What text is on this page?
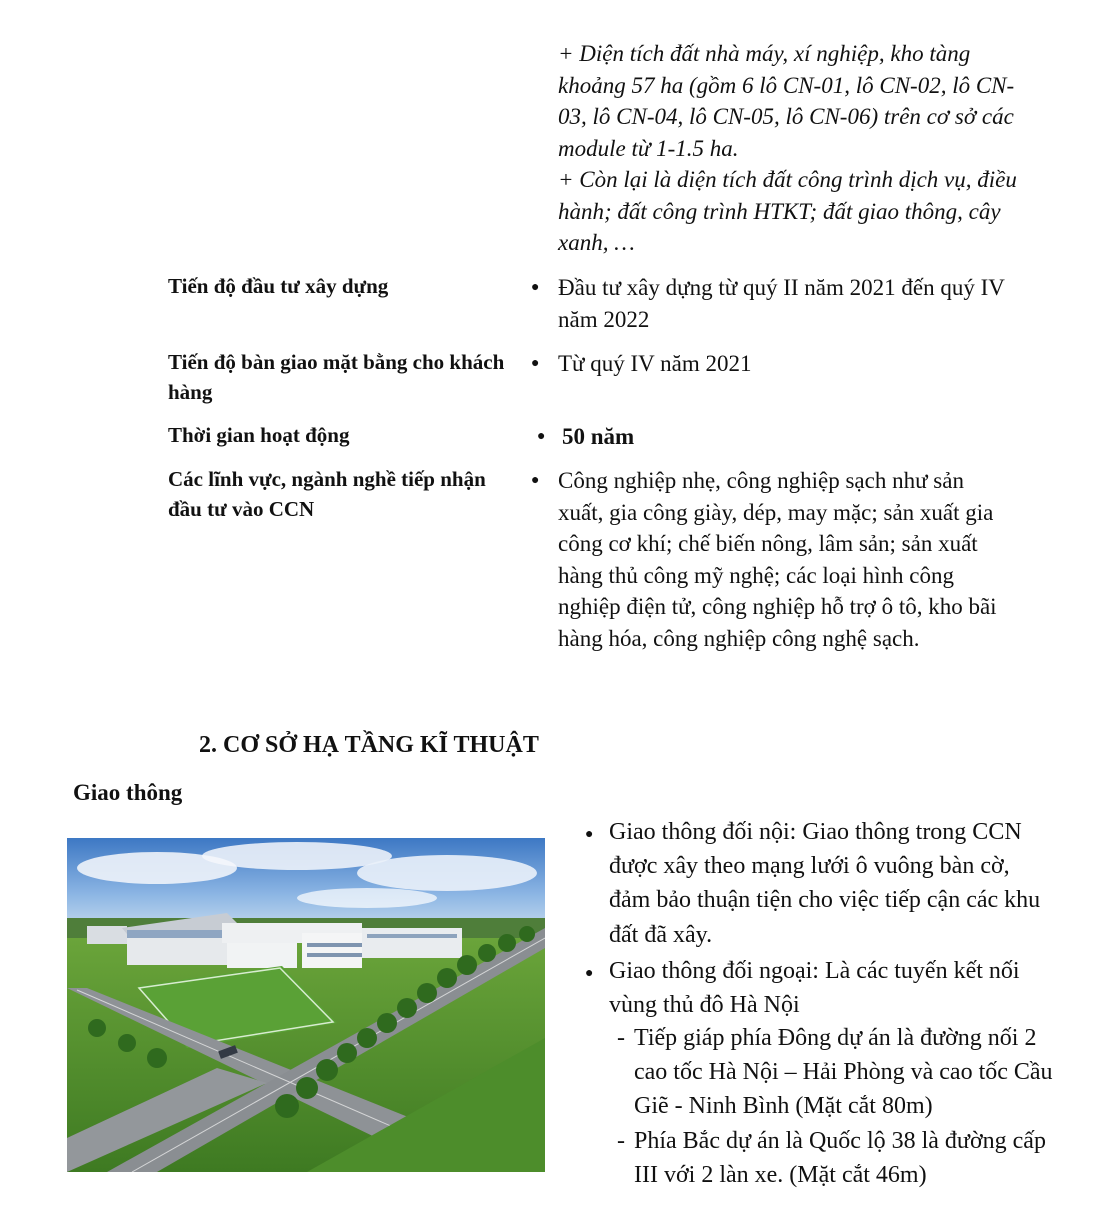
+ Diện tích đất nhà máy, xí nghiệp, kho tàng khoảng 57 ha (gồm 6 lô CN-01, lô CN-02, lô CN-03, lô CN-04, lô CN-05, lô CN-06) trên cơ sở các module từ 1-1.5 ha.
+ Còn lại là diện tích đất công trình dịch vụ, điều hành; đất công trình HTKT; đất giao thông, cây xanh, …
Tiến độ đầu tư xây dựng	● Đầu tư xây dựng từ quý II năm 2021 đến quý IV năm 2022
Tiến độ bàn giao mặt bằng cho khách hàng
● Từ quý IV năm 2021
Thời gian hoạt động	● 50 năm
Các lĩnh vực, ngành nghề tiếp nhận đầu tư vào CCN
● Công nghiệp nhẹ, công nghiệp sạch như sản xuất, gia công giày, dép, may mặc; sản xuất gia công cơ khí; chế biến nông, lâm sản; sản xuất hàng thủ công mỹ nghệ; các loại hình công nghiệp điện tử, công nghiệp hỗ trợ ô tô, kho bãi hàng hóa, công nghiệp công nghệ sạch.
2. CƠ SỞ HẠ TẦNG KĨ THUẬT
Giao thông
● Giao thông đối nội: Giao thông trong CCN được xây theo mạng lưới ô vuông bàn cờ, đảm bảo thuận tiện cho việc tiếp cận các khu đất đã xây.
● Giao thông đối ngoại: Là các tuyến kết nối vùng thủ đô Hà Nội
- Tiếp giáp phía Đông dự án là đường nối 2 cao tốc Hà Nội – Hải Phòng và cao tốc Cầu Giẽ - Ninh Bình (Mặt cắt 80m)
- Phía Bắc dự án là Quốc lộ 38 là đường cấp III với 2 làn xe. (Mặt cắt 46m)
